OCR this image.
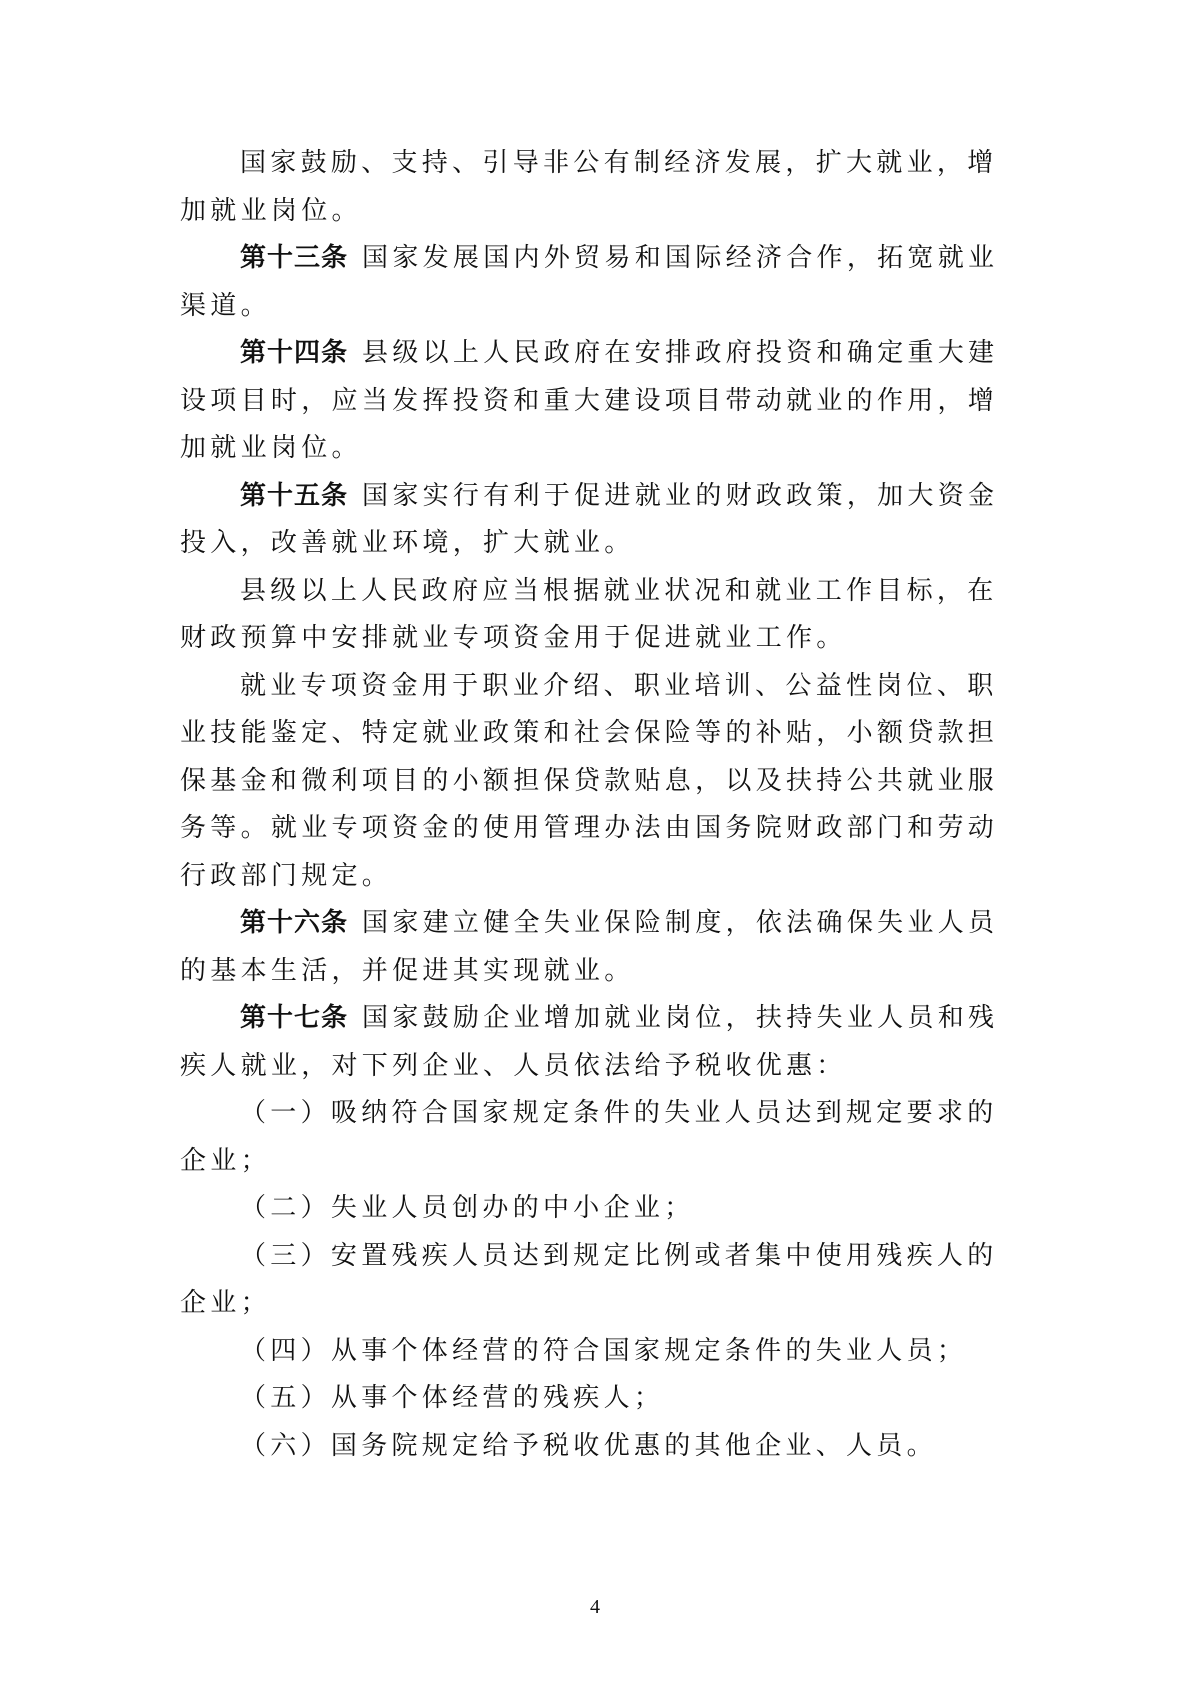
国家鼓励、支持、引导非公有制经济发展，扩大就业，增加就业岗位。

第十三条 国家发展国内外贸易和国际经济合作，拓宽就业渠道。

第十四条 县级以上人民政府在安排政府投资和确定重大建设项目时，应当发挥投资和重大建设项目带动就业的作用，增加就业岗位。

第十五条 国家实行有利于促进就业的财政政策，加大资金投入，改善就业环境，扩大就业。

县级以上人民政府应当根据就业状况和就业工作目标，在财政预算中安排就业专项资金用于促进就业工作。

就业专项资金用于职业介绍、职业培训、公益性岗位、职业技能鉴定、特定就业政策和社会保险等的补贴，小额贷款担保基金和微利项目的小额担保贷款贴息，以及扶持公共就业服务等。就业专项资金的使用管理办法由国务院财政部门和劳动行政部门规定。

第十六条 国家建立健全失业保险制度，依法确保失业人员的基本生活，并促进其实现就业。

第十七条 国家鼓励企业增加就业岗位，扶持失业人员和残疾人就业，对下列企业、人员依法给予税收优惠：

（一）吸纳符合国家规定条件的失业人员达到规定要求的企业；

（二）失业人员创办的中小企业；

（三）安置残疾人员达到规定比例或者集中使用残疾人的企业；

（四）从事个体经营的符合国家规定条件的失业人员；

（五）从事个体经营的残疾人；

（六）国务院规定给予税收优惠的其他企业、人员。

4
